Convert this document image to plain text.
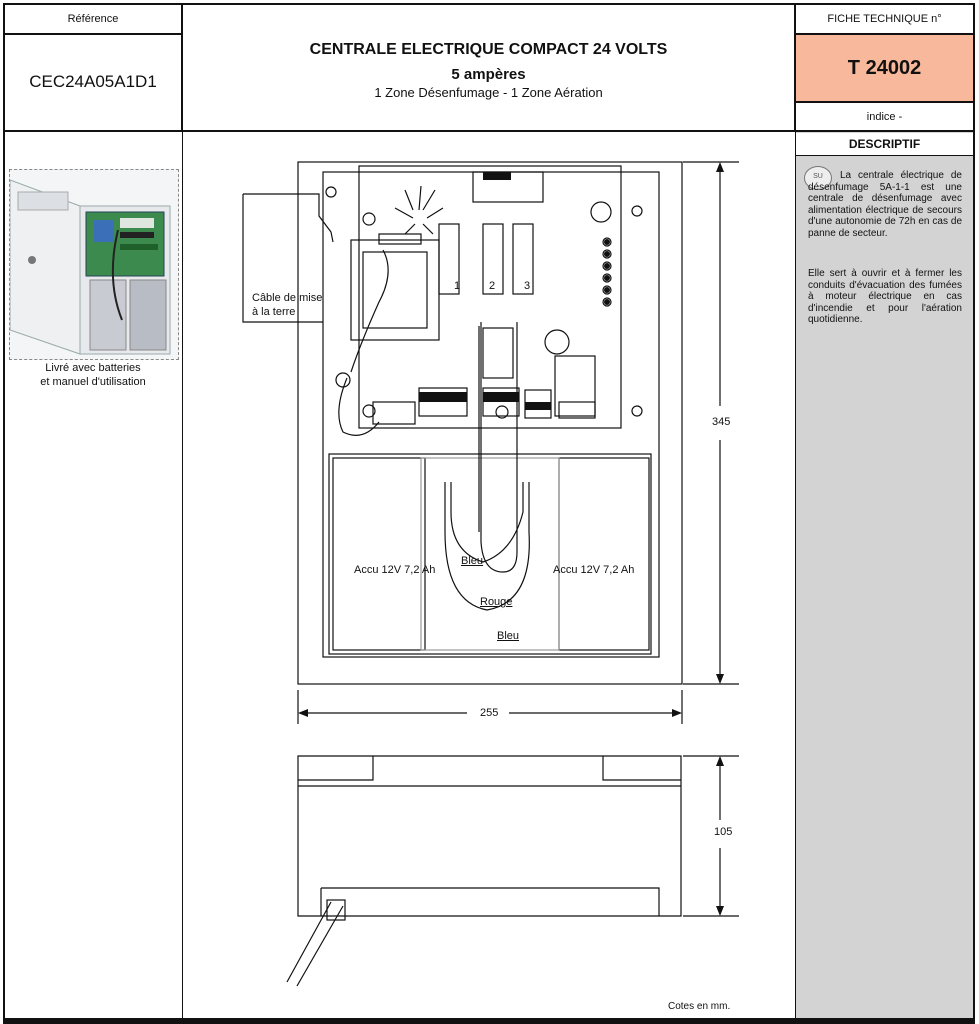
Référence
CEC24A05A1D1
CENTRALE ELECTRIQUE COMPACT 24 VOLTS
5 ampères
1 Zone Désenfumage - 1 Zone Aération
FICHE TECHNIQUE n°
T 24002
indice -
Livré avec batteries
et manuel d'utilisation
Câble de mise
à la terre
1	2	3
Accu 12V 7,2 Ah	Accu 12V 7,2 Ah
Bleu
Rouge
Bleu
345
255
105
Cotes en mm.
DESCRIPTIF
SU	La centrale électrique de désenfumage 5A-1-1 est une centrale de désenfumage avec alimentation électrique de secours d'une autonomie de 72h en cas de panne de secteur.
Elle sert à ouvrir et à fermer les conduits d'évacuation des fumées à moteur électrique en cas d'incendie et pour l'aération quotidienne.
